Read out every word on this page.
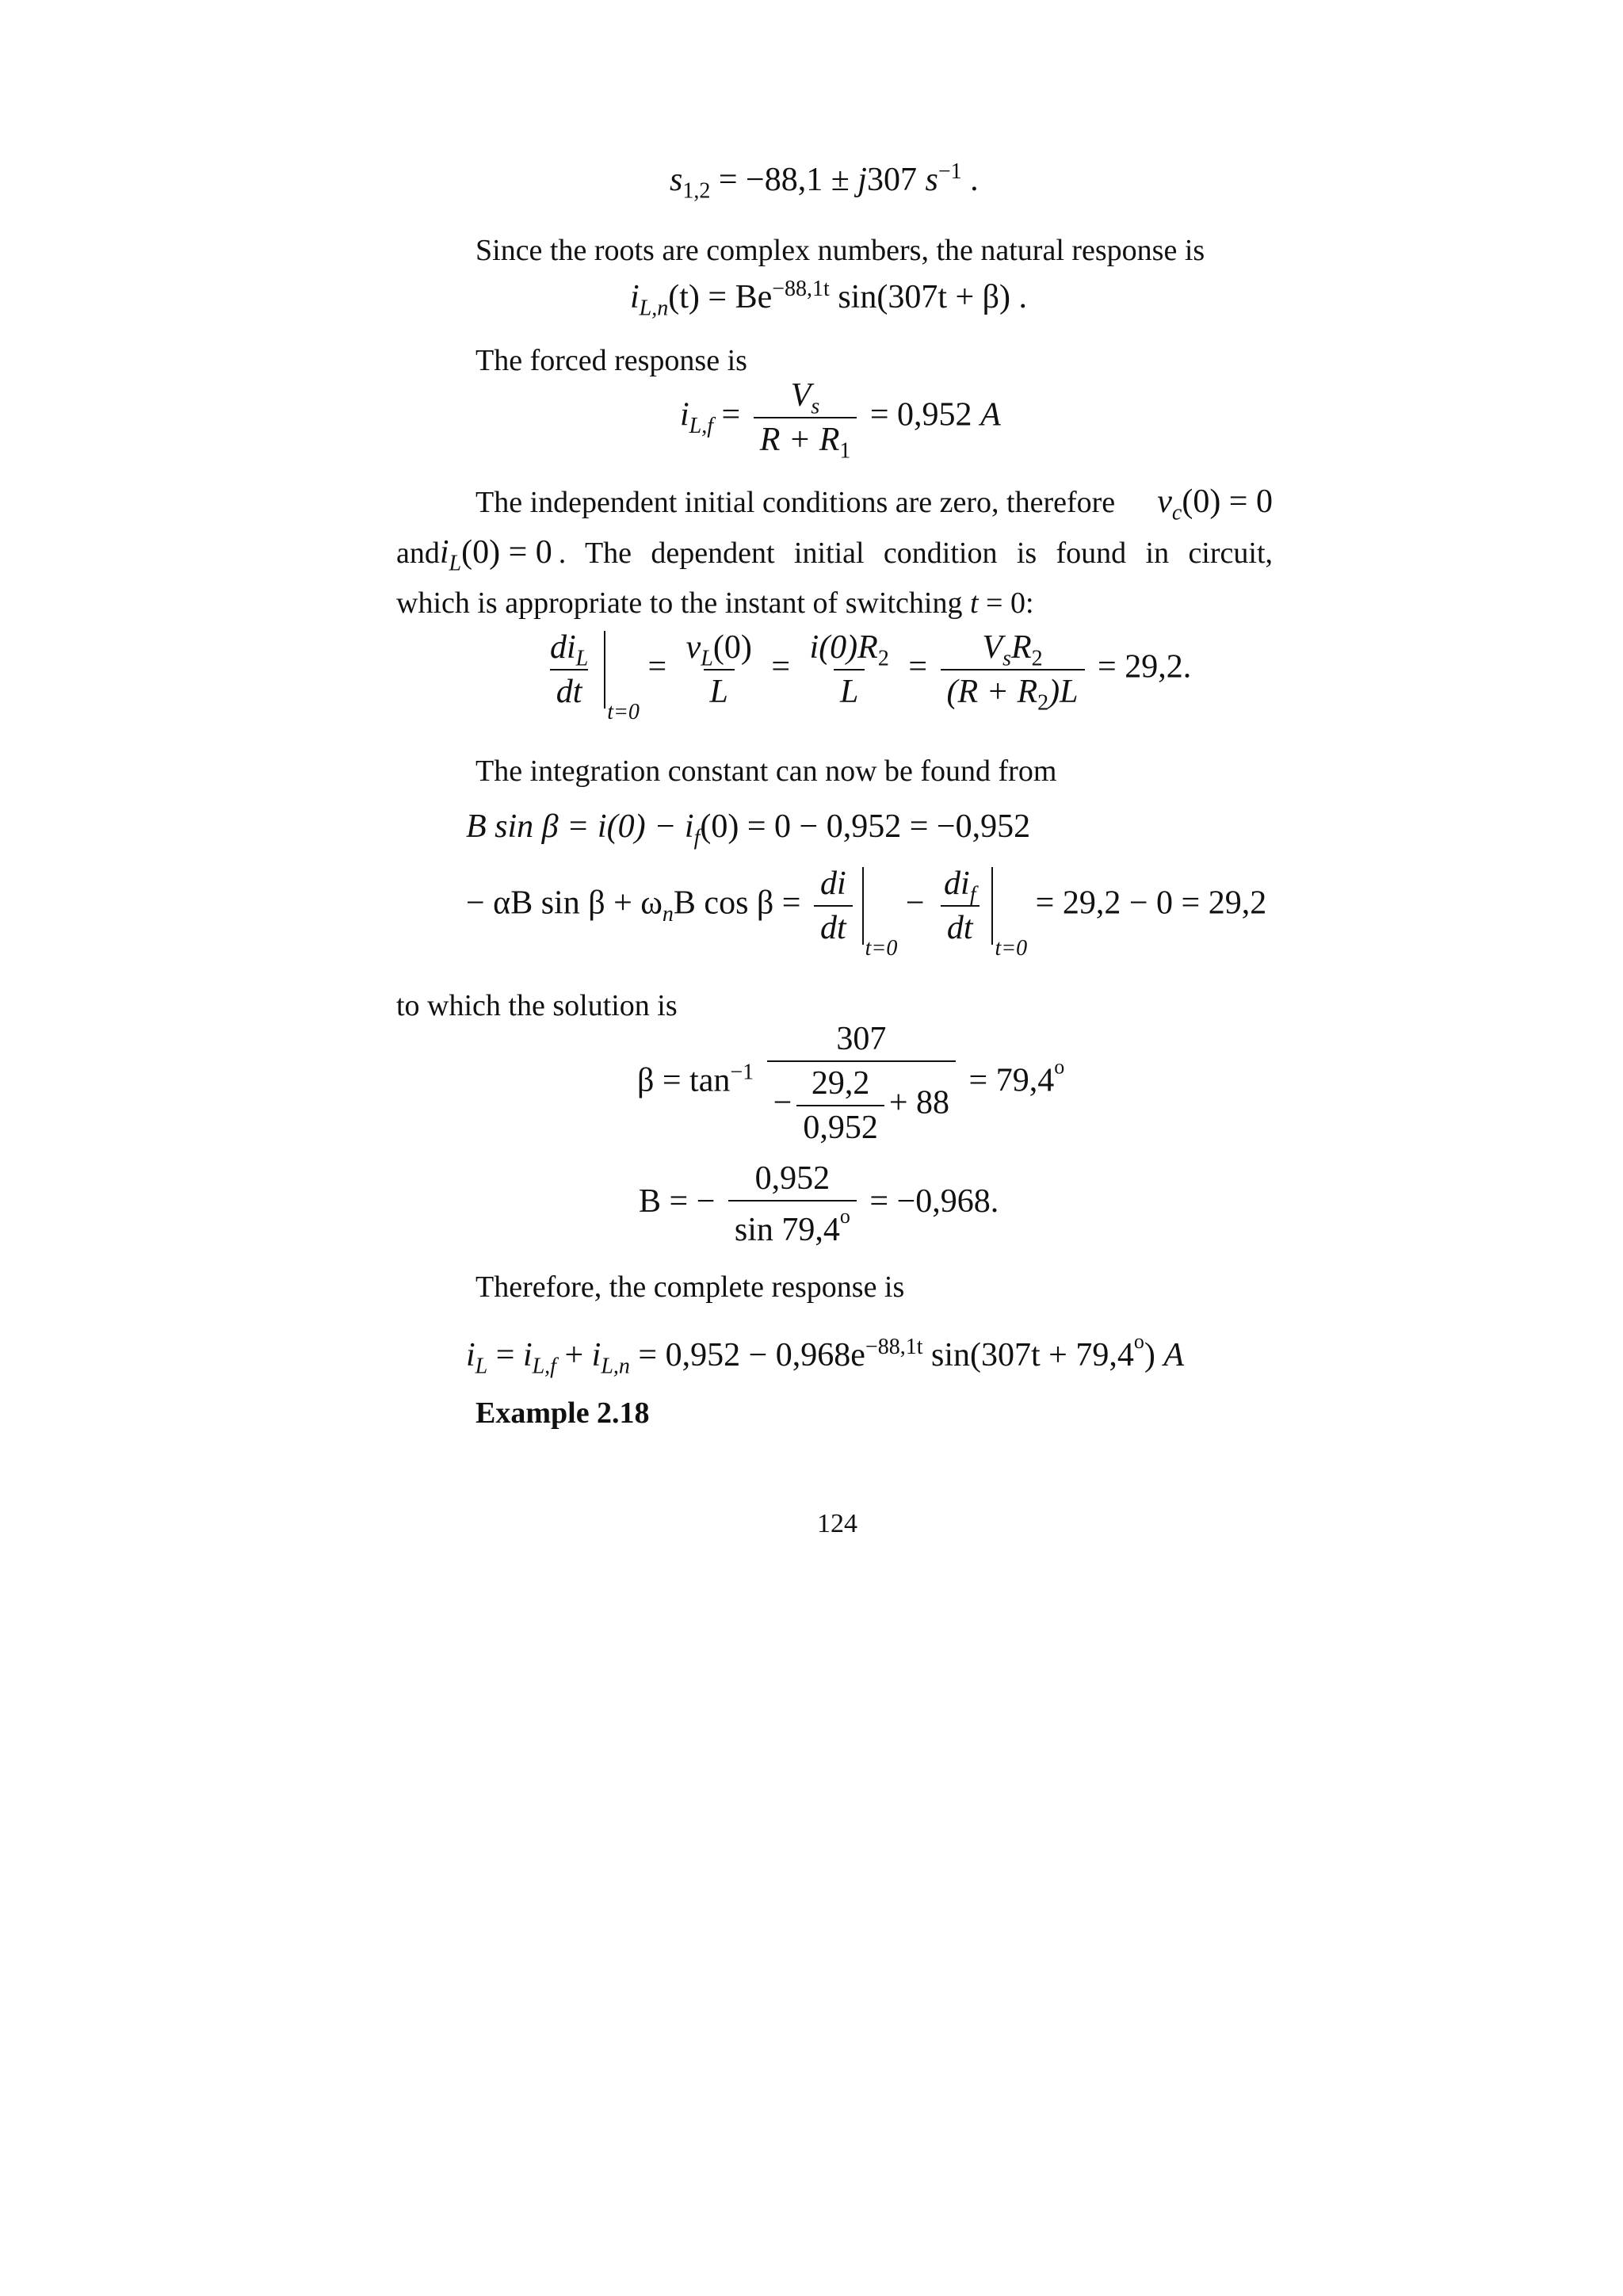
$s_{1,2} = -88,1 \pm j307$ $s^{-1}$ .
Since the roots are complex numbers, the natural response is
$i_{L,n}(t) = Be^{-88,1t}$ sin(307t + β) .
The forced response is
$i_{L,f} = \frac{V_s}{R + R_1} = 0,952$ A
The independent initial conditions are zero, therefore $v_c(0) = 0$
and $i_L(0) = 0$ . The dependent initial condition is found in circuit,
which is appropriate to the instant of switching t = 0:
$\frac{di_L}{dt}$
$_{t=0} = \frac{v_L(0)}{L} = \frac{i(0)R_2}{L} = \frac{V_sR_2}{(R + R_2)L} = 29,2$.
The integration constant can now be found from
B $\sin \beta = i(0) - i_f(0) = 0 - 0,952 = -0,952$
− αB $\sin \beta + \omega_nB$ $\cos \beta = \frac{di}{dt}$
$_{t=0} - \frac{di_f}{dt}$
$_{t=0}$ = 29,2 − 0 = 29,2
to which the solution is
$\beta = \tan^{-1} \frac{307}{- \frac{29,2}{0,952} + 88} = 79,4^o$
B = − $\frac{0,952}{\sin 79,4^o} = -0,968$.
Therefore, the complete response is
$i_L = i_{L,f} + i_{L,n} = 0,952 - 0,968e^{-88,1t}$ $\sin(307t + 79,4^o)$ A
Example 2.18
124
